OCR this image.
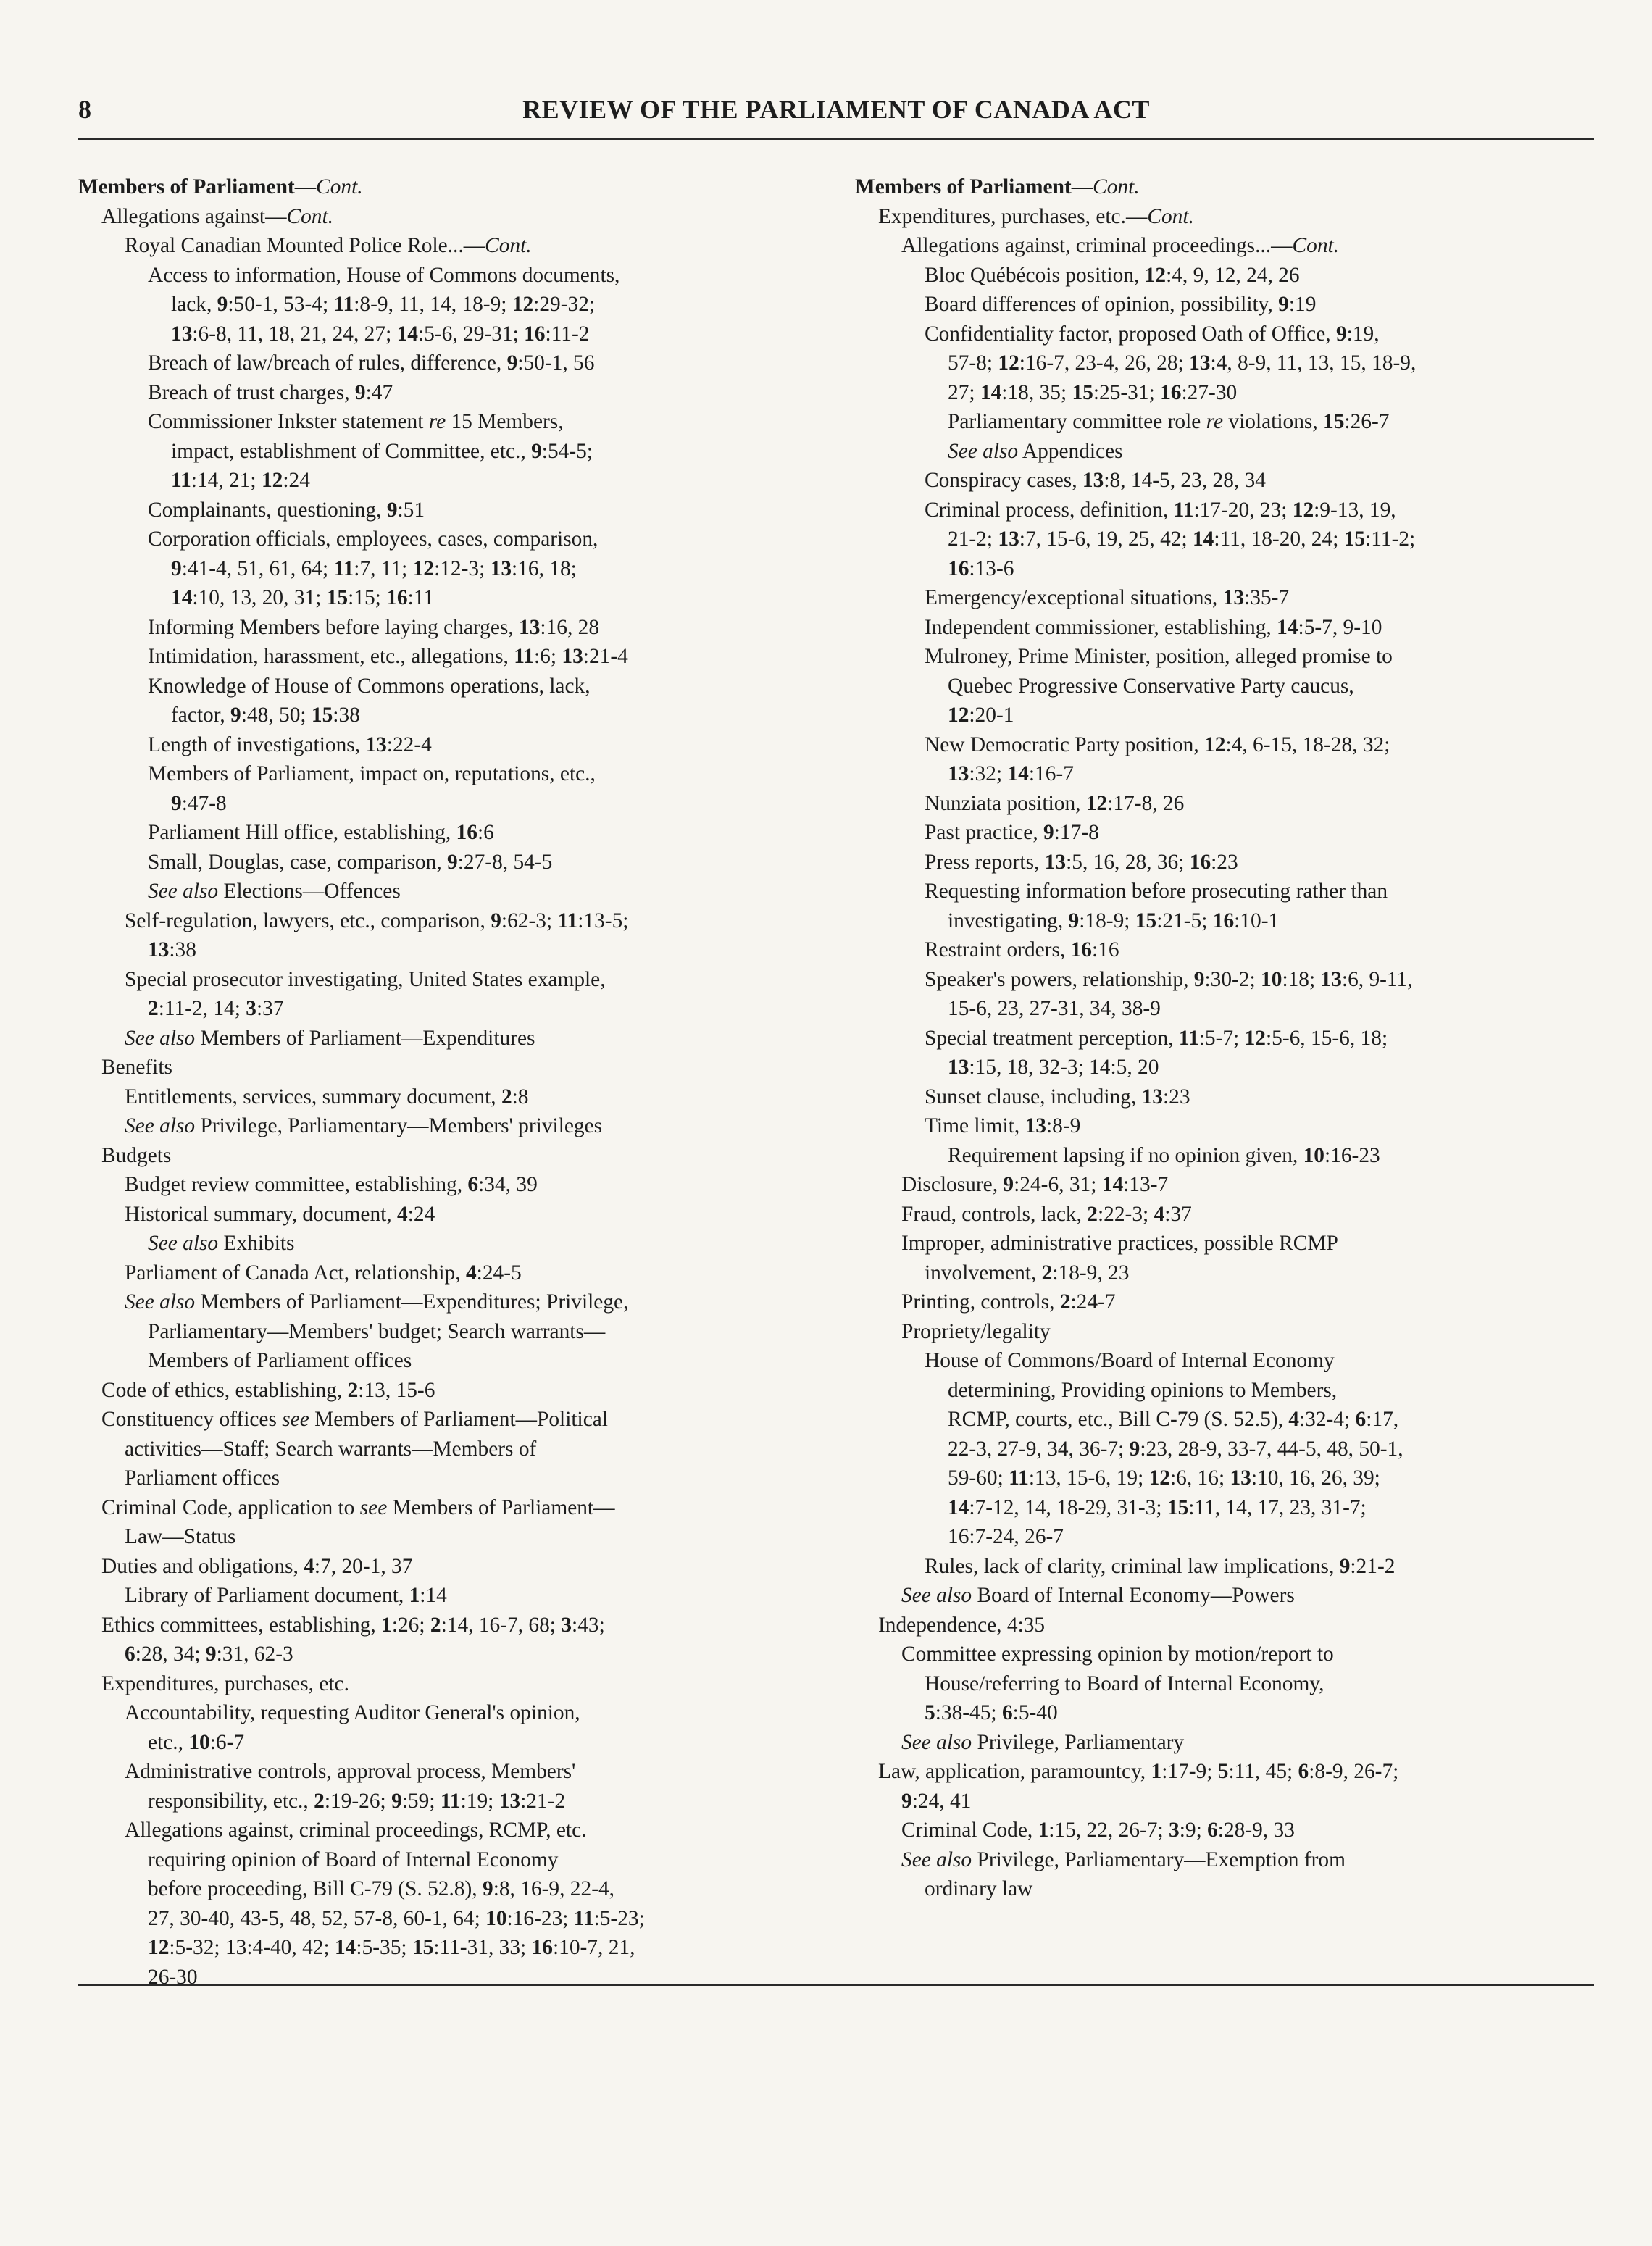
8	REVIEW OF THE PARLIAMENT OF CANADA ACT
Members of Parliament—Cont.
Allegations against—Cont.
Royal Canadian Mounted Police Role...—Cont.
Access to information, House of Commons documents,
lack, 9:50-1, 53-4; 11:8-9, 11, 14, 18-9; 12:29-32;
13:6-8, 11, 18, 21, 24, 27; 14:5-6, 29-31; 16:11-2
Breach of law/breach of rules, difference, 9:50-1, 56
Breach of trust charges, 9:47
Commissioner Inkster statement re 15 Members,
impact, establishment of Committee, etc., 9:54-5;
11:14, 21; 12:24
Complainants, questioning, 9:51
Corporation officials, employees, cases, comparison,
9:41-4, 51, 61, 64; 11:7, 11; 12:12-3; 13:16, 18;
14:10, 13, 20, 31; 15:15; 16:11
Informing Members before laying charges, 13:16, 28
Intimidation, harassment, etc., allegations, 11:6; 13:21-4
Knowledge of House of Commons operations, lack,
factor, 9:48, 50; 15:38
Length of investigations, 13:22-4
Members of Parliament, impact on, reputations, etc.,
9:47-8
Parliament Hill office, establishing, 16:6
Small, Douglas, case, comparison, 9:27-8, 54-5
See also Elections—Offences
Self-regulation, lawyers, etc., comparison, 9:62-3; 11:13-5;
13:38
Special prosecutor investigating, United States example,
2:11-2, 14; 3:37
See also Members of Parliament—Expenditures
Benefits
Entitlements, services, summary document, 2:8
See also Privilege, Parliamentary—Members' privileges
Budgets
Budget review committee, establishing, 6:34, 39
Historical summary, document, 4:24
See also Exhibits
Parliament of Canada Act, relationship, 4:24-5
See also Members of Parliament—Expenditures; Privilege,
Parliamentary—Members' budget; Search warrants—
Members of Parliament offices
Code of ethics, establishing, 2:13, 15-6
Constituency offices see Members of Parliament—Political
activities—Staff; Search warrants—Members of
Parliament offices
Criminal Code, application to see Members of Parliament—
Law—Status
Duties and obligations, 4:7, 20-1, 37
Library of Parliament document, 1:14
Ethics committees, establishing, 1:26; 2:14, 16-7, 68; 3:43;
6:28, 34; 9:31, 62-3
Expenditures, purchases, etc.
Accountability, requesting Auditor General's opinion,
etc., 10:6-7
Administrative controls, approval process, Members'
responsibility, etc., 2:19-26; 9:59; 11:19; 13:21-2
Allegations against, criminal proceedings, RCMP, etc.
requiring opinion of Board of Internal Economy
before proceeding, Bill C-79 (S. 52.8), 9:8, 16-9, 22-4,
27, 30-40, 43-5, 48, 52, 57-8, 60-1, 64; 10:16-23; 11:5-23;
12:5-32; 13:4-40, 42; 14:5-35; 15:11-31, 33; 16:10-7, 21,
26-30
Members of Parliament—Cont.
Expenditures, purchases, etc.—Cont.
Allegations against, criminal proceedings...—Cont.
Bloc Québécois position, 12:4, 9, 12, 24, 26
Board differences of opinion, possibility, 9:19
Confidentiality factor, proposed Oath of Office, 9:19,
57-8; 12:16-7, 23-4, 26, 28; 13:4, 8-9, 11, 13, 15, 18-9,
27; 14:18, 35; 15:25-31; 16:27-30
Parliamentary committee role re violations, 15:26-7
See also Appendices
Conspiracy cases, 13:8, 14-5, 23, 28, 34
Criminal process, definition, 11:17-20, 23; 12:9-13, 19,
21-2; 13:7, 15-6, 19, 25, 42; 14:11, 18-20, 24; 15:11-2;
16:13-6
Emergency/exceptional situations, 13:35-7
Independent commissioner, establishing, 14:5-7, 9-10
Mulroney, Prime Minister, position, alleged promise to
Quebec Progressive Conservative Party caucus,
12:20-1
New Democratic Party position, 12:4, 6-15, 18-28, 32;
13:32; 14:16-7
Nunziata position, 12:17-8, 26
Past practice, 9:17-8
Press reports, 13:5, 16, 28, 36; 16:23
Requesting information before prosecuting rather than
investigating, 9:18-9; 15:21-5; 16:10-1
Restraint orders, 16:16
Speaker's powers, relationship, 9:30-2; 10:18; 13:6, 9-11,
15-6, 23, 27-31, 34, 38-9
Special treatment perception, 11:5-7; 12:5-6, 15-6, 18;
13:15, 18, 32-3; 14:5, 20
Sunset clause, including, 13:23
Time limit, 13:8-9
Requirement lapsing if no opinion given, 10:16-23
Disclosure, 9:24-6, 31; 14:13-7
Fraud, controls, lack, 2:22-3; 4:37
Improper, administrative practices, possible RCMP
involvement, 2:18-9, 23
Printing, controls, 2:24-7
Propriety/legality
House of Commons/Board of Internal Economy
determining, Providing opinions to Members,
RCMP, courts, etc., Bill C-79 (S. 52.5), 4:32-4; 6:17,
22-3, 27-9, 34, 36-7; 9:23, 28-9, 33-7, 44-5, 48, 50-1,
59-60; 11:13, 15-6, 19; 12:6, 16; 13:10, 16, 26, 39;
14:7-12, 14, 18-29, 31-3; 15:11, 14, 17, 23, 31-7;
16:7-24, 26-7
Rules, lack of clarity, criminal law implications, 9:21-2
See also Board of Internal Economy—Powers
Independence, 4:35
Committee expressing opinion by motion/report to
House/referring to Board of Internal Economy,
5:38-45; 6:5-40
See also Privilege, Parliamentary
Law, application, paramountcy, 1:17-9; 5:11, 45; 6:8-9, 26-7;
9:24, 41
Criminal Code, 1:15, 22, 26-7; 3:9; 6:28-9, 33
See also Privilege, Parliamentary—Exemption from
ordinary law
